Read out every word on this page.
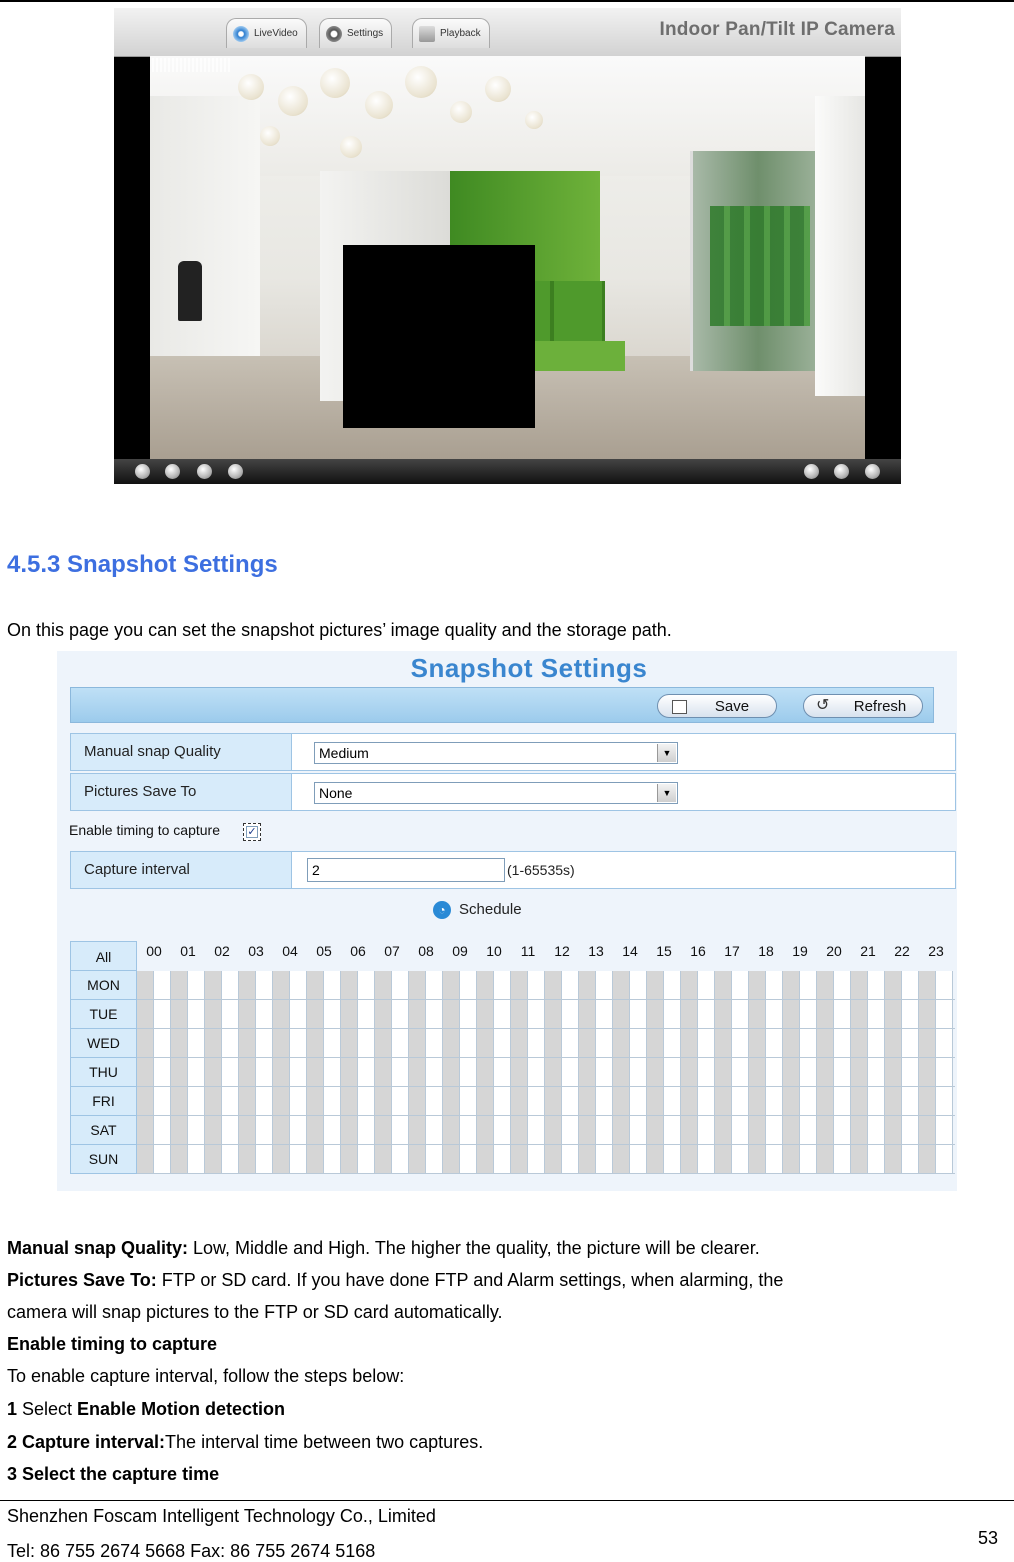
LiveVideo	Settings	Playback	Indoor Pan/Tilt IP Camera
4.5.3 Snapshot Settings

On this page you can set the snapshot pictures’ image quality and the storage path.

Snapshot Settings
Save	↺	Refresh
Manual snap Quality	Medium	▼
Pictures Save To	None	▼
Enable timing to capture ✓
Capture interval	2	(1-65535s)
◔ Schedule
All	00	01	02	03	04	05	06	07	08	09	10	11	12	13	14	15	16	17	18	19	20	21	22	23
MON
TUE
WED
THU
FRI
SAT
SUN

Manual snap Quality: Low, Middle and High. The higher the quality, the picture will be clearer.

Pictures Save To: FTP or SD card. If you have done FTP and Alarm settings, when alarming, the

camera will snap pictures to the FTP or SD card automatically.

Enable timing to capture

To enable capture interval, follow the steps below:

1 Select Enable Motion detection

2 Capture interval:The interval time between two captures.

3 Select the capture time

Shenzhen Foscam Intelligent Technology Co., Limited
Tel: 86 755 2674 5668 Fax: 86 755 2674 5168
53
